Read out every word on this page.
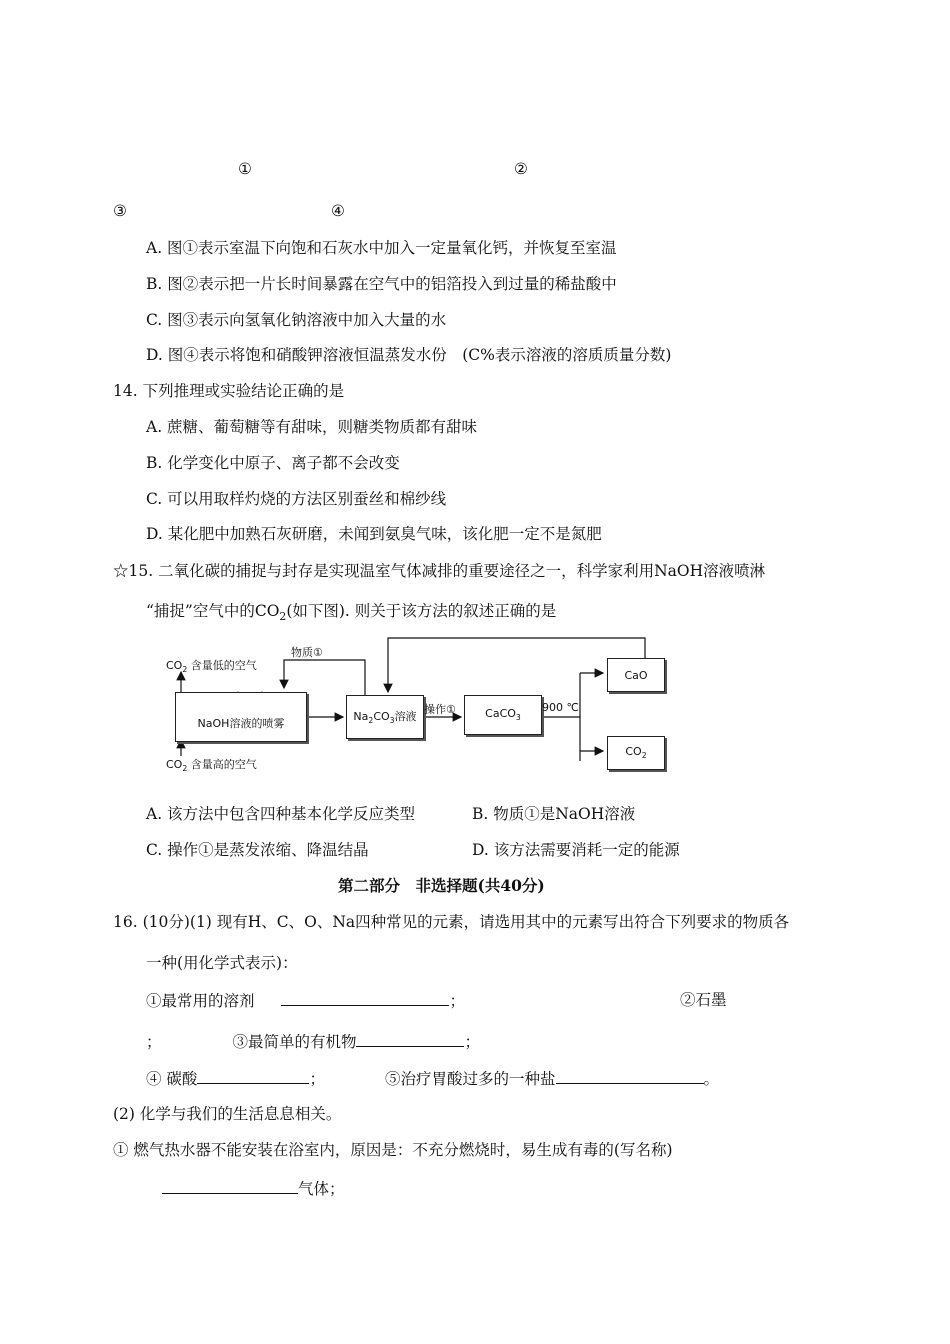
①	②
③	④
A. 图①表示室温下向饱和石灰水中加入一定量氧化钙，并恢复至室温
B. 图②表示把一片长时间暴露在空气中的铝箔投入到过量的稀盐酸中
C. 图③表示向氢氧化钠溶液中加入大量的水
D. 图④表示将饱和硝酸钾溶液恒温蒸发水份　(C%表示溶液的溶质质量分数)
14. 下列推理或实验结论正确的是
A. 蔗糖、葡萄糖等有甜味，则糖类物质都有甜味
B. 化学变化中原子、离子都不会改变
C. 可以用取样灼烧的方法区别蚕丝和棉纱线
D. 某化肥中加熟石灰研磨，未闻到氨臭气味，该化肥一定不是氮肥
☆15. 二氧化碳的捕捉与封存是实现温室气体减排的重要途径之一，科学家利用NaOH溶液喷淋
“捕捉”空气中的$CO_2$(如下图). 则关于该方法的叙述正确的是
$CO_2$ 含量低的空气
物质①
NaOH溶液的喷雾
$Na_2CO_3$溶液
操作①	CaCO$_3$
900 ℃
CaO
$CO_2$
$CO_2$ 含量高的空气
A. 该方法中包含四种基本化学反应类型	B. 物质①是NaOH溶液
C. 操作①是蒸发浓缩、降温结晶	D. 该方法需要消耗一定的能源
第二部分　非选择题(共40分)
16. (10分)(1) 现有H、C、O、Na四种常见的元素，请选用其中的元素写出符合下列要求的物质各
一种(用化学式表示)：
①最常用的溶剂	；	②石墨
；	③最简单的有机物	；
④ 碳酸	；	⑤治疗胃酸过多的一种盐	。
(2) 化学与我们的生活息息相关。
① 燃气热水器不能安装在浴室内，原因是：不充分燃烧时，易生成有毒的(写名称)
气体；
